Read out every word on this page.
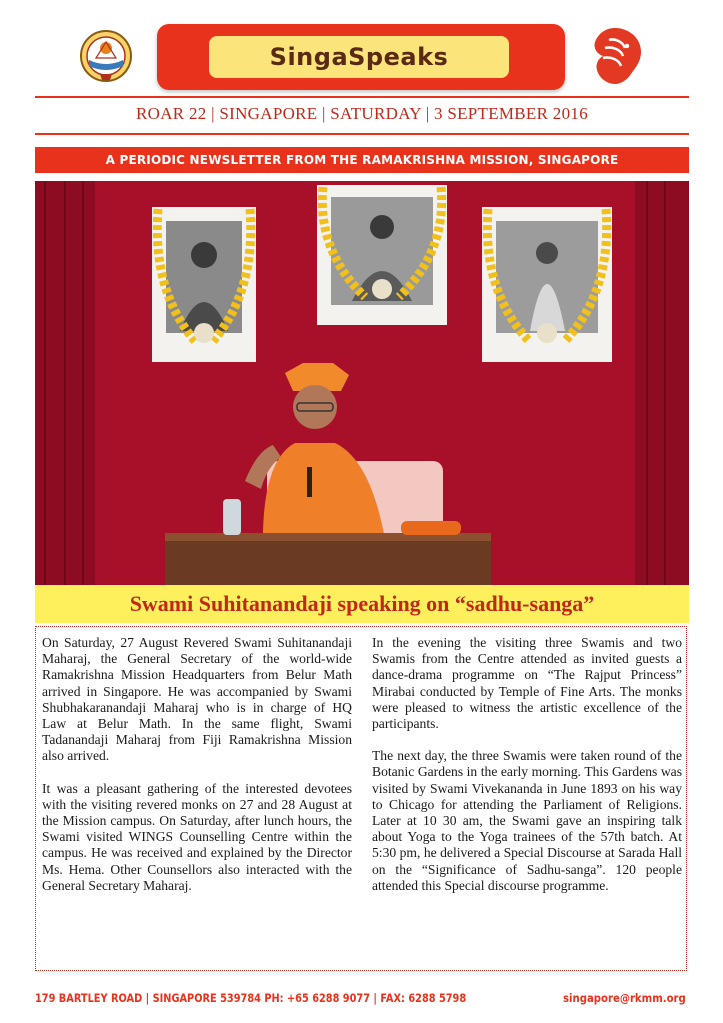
SingaSpeaks
ROAR 22 | SINGAPORE | SATURDAY | 3 SEPTEMBER 2016
A PERIODIC NEWSLETTER FROM THE RAMAKRISHNA MISSION, SINGAPORE
Swami Suhitanandaji speaking on “sadhu-sanga”

On Saturday, 27 August Revered Swami Suhitanandaji Maharaj, the General Secretary of the world-wide Ramakrishna Mission Headquarters from Belur Math arrived in Singapore. He was accompanied by Swami Shubhakaranandaji Maharaj who is in charge of HQ Law at Belur Math. In the same flight, Swami Tadanandaji Maharaj from Fiji Ramakrishna Mission also arrived.

It was a pleasant gathering of the interested devotees with the visiting revered monks on 27 and 28 August at the Mission campus. On Saturday, after lunch hours, the Swami visited WINGS Counselling Centre within the campus. He was received and explained by the Director Ms. Hema. Other Counsellors also interacted with the General Secretary Maharaj.

In the evening the visiting three Swamis and two Swamis from the Centre attended as invited guests a dance-drama programme on “The Rajput Princess” Mirabai conducted by Temple of Fine Arts. The monks were pleased to witness the artistic excellence of the participants.

The next day, the three Swamis were taken round of the Botanic Gardens in the early morning. This Gardens was visited by Swami Vivekananda in June 1893 on his way to Chicago for attending the Parliament of Religions. Later at 10 30 am, the Swami gave an inspiring talk about Yoga to the Yoga trainees of the 57th batch. At 5:30 pm, he delivered a Special Discourse at Sarada Hall on the “Significance of Sadhu-sanga”. 120 people attended this Special discourse programme.

179 BARTLEY ROAD | SINGAPORE 539784 PH: +65 6288 9077 | FAX: 6288 5798	singapore@rkmm.org
